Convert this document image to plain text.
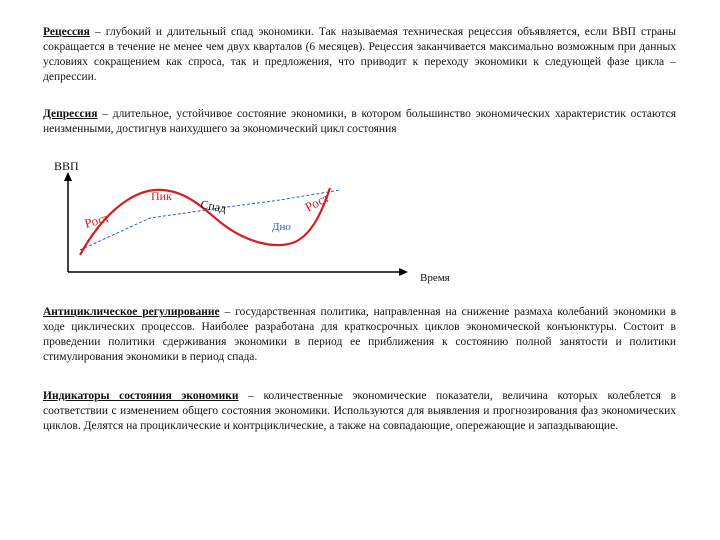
Рецессия – глубокий и длительный спад экономики. Так называемая техническая рецессия объявляется, если ВВП страны сокращается в течение не менее чем двух кварталов (6 месяцев). Рецессия заканчивается максимально возможным при данных условиях сокращением как спроса, так и предложения, что приводит к переходу экономики к следующей фазе цикла – депрессии.

Депрессия – длительное, устойчивое состояние экономики, в котором большинство экономических характеристик остаются неизменными, достигнув наихудшего за экономический цикл состояния

ВВП
Время
Пик
Рост
Спад
Дно
Рост

Антициклическое регулирование – государственная политика, направленная на снижение размаха колебаний экономики в ходе циклических процессов. Наиболее разработана для краткосрочных циклов экономической конъюнктуры. Состоит в проведении политики сдерживания экономики в период ее приближения к состоянию полной занятости и политики стимулирования экономики в период спада.

Индикаторы состояния экономики – количественные экономические показатели, величина которых колеблется в соответствии с изменением общего состояния экономики. Используются для выявления и прогнозирования фаз экономических циклов. Делятся на проциклические и контрциклические, а также на совпадающие, опережающие и запаздывающие.
